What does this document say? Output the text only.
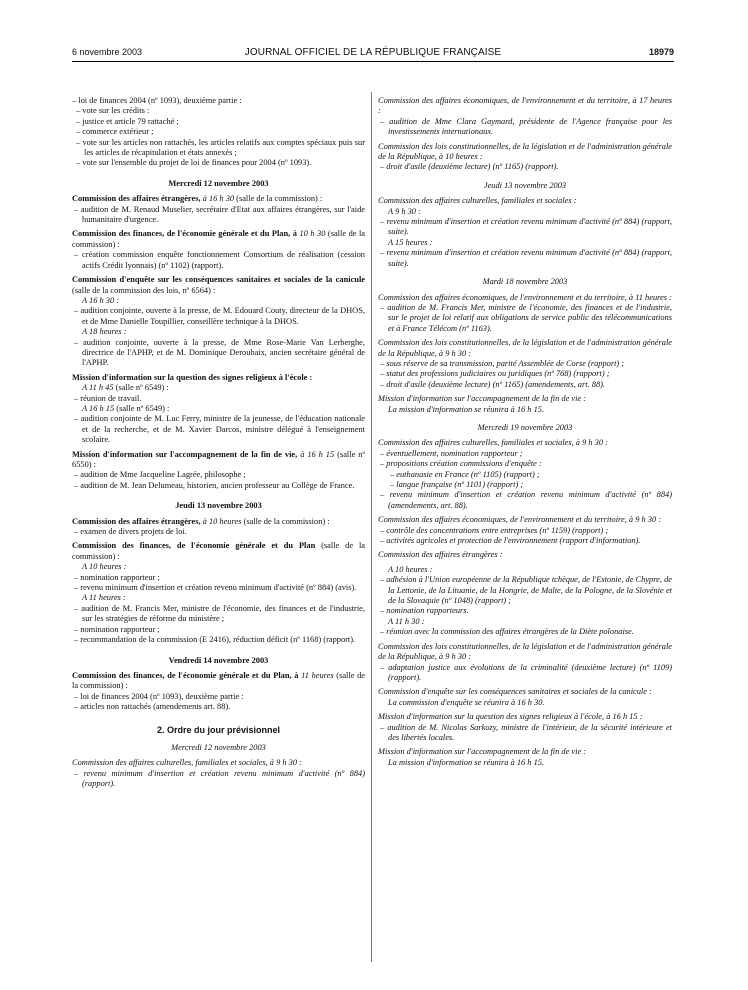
6 novembre 2003	JOURNAL OFFICIEL DE LA RÉPUBLIQUE FRANÇAISE	18979

– loi de finances 2004 (nº 1093), deuxième partie :

– vote sur les crédits :

– justice et article 79 rattaché ;

– commerce extérieur ;

– vote sur les articles non rattachés, les articles relatifs aux comptes spéciaux puis sur les articles de récapitulation et états annexés ;

– vote sur l'ensemble du projet de loi de finances pour 2004 (nº 1093).

Mercredi 12 novembre 2003

Commission des affaires étrangères, à 16 h 30 (salle de la commission) :

– audition de M. Renaud Muselier, secrétaire d'Etat aux affaires étrangères, sur l'aide humanitaire d'urgence.

Commission des finances, de l'économie générale et du Plan, à 10 h 30 (salle de la commission) :

– création commission enquête fonctionnement Consortium de réalisation (cession actifs Crédit lyonnais) (nº 1102) (rapport).

Commission d'enquête sur les conséquences sanitaires et sociales de la canicule (salle de la commission des lois, nº 6564) :

A 16 h 30 :

– audition conjointe, ouverte à la presse, de M. Edouard Couty, directeur de la DHOS, et de Mme Danielle Toupillier, conseillère technique à la DHOS.

A 18 heures :

– audition conjointe, ouverte à la presse, de Mme Rose-Marie Van Lerberghe, directrice de l'APHP, et de M. Dominique Deroubaix, ancien secrétaire général de l'APHP.

Mission d'information sur la question des signes religieux à l'école :

A 11 h 45 (salle nº 6549) :

– réunion de travail.

A 16 h 15 (salle nº 6549) :

– audition conjointe de M. Luc Ferry, ministre de la jeunesse, de l'éducation nationale et de la recherche, et de M. Xavier Darcos, ministre délégué à l'enseignement scolaire.

Mission d'information sur l'accompagnement de la fin de vie, à 16 h 15 (salle nº 6550) :

– audition de Mme Jacqueline Lagrée, philosophe ;

– audition de M. Jean Delumeau, historien, ancien professeur au Collège de France.

Jeudi 13 novembre 2003

Commission des affaires étrangères, à 10 heures (salle de la commission) :

– examen de divers projets de loi.

Commission des finances, de l'économie générale et du Plan (salle de la commission) :

A 10 heures :

– nomination rapporteur ;

– revenu minimum d'insertion et création revenu minimum d'activité (nº 884) (avis).

A 11 heures :

– audition de M. Francis Mer, ministre de l'économie, des finances et de l'industrie, sur les stratégies de réforme du ministère ;

– nomination rapporteur ;

– recommandation de la commission (E 2416), réduction déficit (nº 1168) (rapport).

Vendredi 14 novembre 2003

Commission des finances, de l'économie générale et du Plan, à 11 heures (salle de la commission) :

– loi de finances 2004 (nº 1093), deuxième partie :

– articles non rattachés (amendements art. 88).

2. Ordre du jour prévisionnel

Mercredi 12 novembre 2003

Commission des affaires culturelles, familiales et sociales, à 9 h 30 :

– revenu minimum d'insertion et création revenu minimum d'activité (nº 884) (rapport).

Commission des affaires économiques, de l'environnement et du territoire, à 17 heures :

– audition de Mme Clara Gaymard, présidente de l'Agence française pour les investissements internationaux.

Commission des lois constitutionnelles, de la législation et de l'administration générale de la République, à 10 heures :

– droit d'asile (deuxième lecture) (nº 1165) (rapport).

Jeudi 13 novembre 2003

Commission des affaires culturelles, familiales et sociales :

A 9 h 30 :

– revenu minimum d'insertion et création revenu minimum d'activité (nº 884) (rapport, suite).

A 15 heures :

– revenu minimum d'insertion et création revenu minimum d'activité (nº 884) (rapport, suite).

Mardi 18 novembre 2003

Commission des affaires économiques, de l'environnement et du territoire, à 11 heures :

– audition de M. Francis Mer, ministre de l'économie, des finances et de l'industrie, sur le projet de loi relatif aux obligations de service public des télécommunications et à France Télécom (nº 1163).

Commission des lois constitutionnelles, de la législation et de l'administration générale de la République, à 9 h 30 :

– sous réserve de sa transmission, parité Assemblée de Corse (rapport) ;

– statut des professions judiciaires ou juridiques (nº 768) (rapport) ;

– droit d'asile (deuxième lecture) (nº 1165) (amendements, art. 88).

Mission d'information sur l'accompagnement de la fin de vie :

La mission d'information se réunira à 16 h 15.

Mercredi 19 novembre 2003

Commission des affaires culturelles, familiales et sociales, à 9 h 30 :

– éventuellement, nomination rapporteur ;

– propositions création commissions d'enquête :

– euthanasie en France (nº 1105) (rapport) ;

– langue française (nº 1101) (rapport) ;

– revenu minimum d'insertion et création revenu minimum d'activité (nº 884) (amendements, art. 88).

Commission des affaires économiques, de l'environnement et du territoire, à 9 h 30 :

– contrôle des concentrations entre entreprises (nº 1159) (rapport) ;

– activités agricoles et protection de l'environnement (rapport d'information).

Commission des affaires étrangères :

A 10 heures :

– adhésion à l'Union européenne de la République tchèque, de l'Estonie, de Chypre, de la Lettonie, de la Lituanie, de la Hongrie, de Malte, de la Pologne, de la Slovénie et de la Slovaquie (nº 1048) (rapport) ;

– nomination rapporteurs.

A 11 h 30 :

– réunion avec la commission des affaires étrangères de la Diète polonaise.

Commission des lois constitutionnelles, de la législation et de l'administration générale de la République, à 9 h 30 :

– adaptation justice aux évolutions de la criminalité (deuxième lecture) (nº 1109) (rapport).

Commission d'enquête sur les conséquences sanitaires et sociales de la canicule :

La commission d'enquête se réunira à 16 h 30.

Mission d'information sur la question des signes religieux à l'école, à 16 h 15 :

– audition de M. Nicolas Sarkozy, ministre de l'intérieur, de la sécurité intérieure et des libertés locales.

Mission d'information sur l'accompagnement de la fin de vie :

La mission d'information se réunira à 16 h 15.
